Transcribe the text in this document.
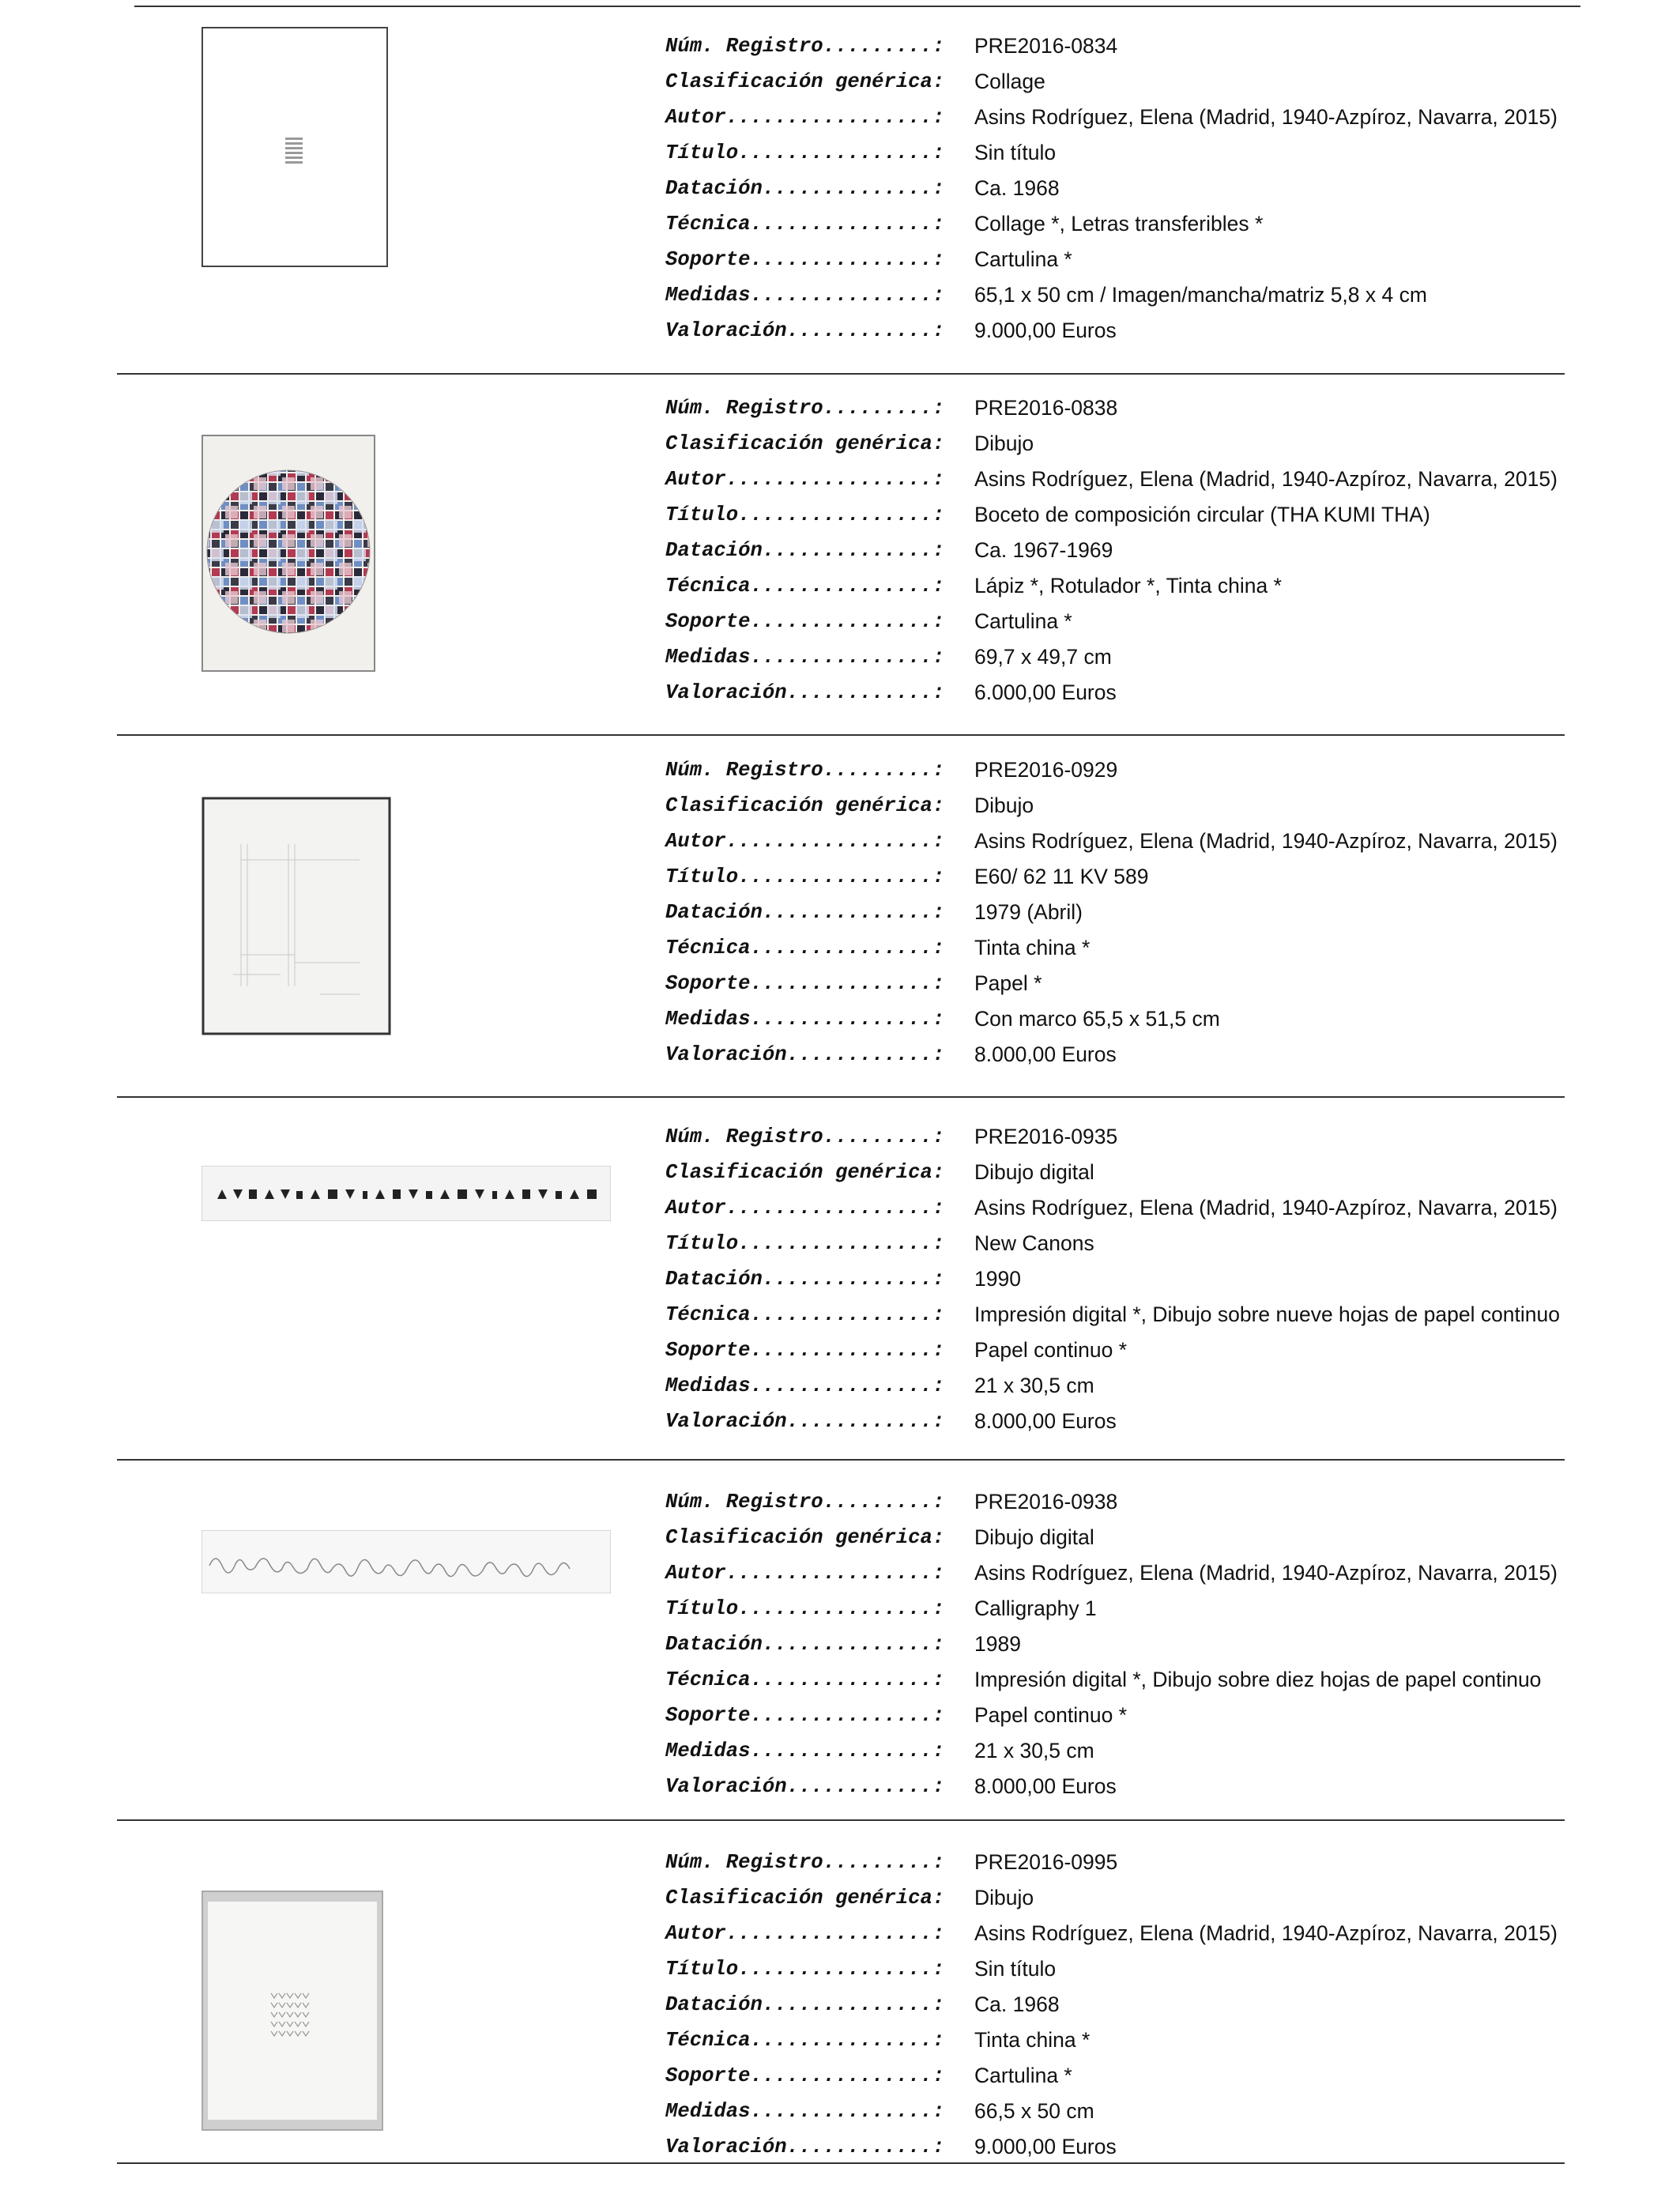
Núm. Registro.........: PRE2016-0834
Clasificación genérica: Collage
Autor.................: Asins Rodríguez, Elena (Madrid, 1940-Azpíroz, Navarra, 2015)
Título................: Sin título
Datación..............: Ca. 1968
Técnica...............: Collage *, Letras transferibles *
Soporte...............: Cartulina *
Medidas...............: 65,1 x 50 cm / Imagen/mancha/matriz 5,8 x 4 cm
Valoración............: 9.000,00 Euros
Núm. Registro.........: PRE2016-0838
Clasificación genérica: Dibujo
Autor.................: Asins Rodríguez, Elena (Madrid, 1940-Azpíroz, Navarra, 2015)
Título................: Boceto de composición circular (THA KUMI THA)
Datación..............: Ca. 1967-1969
Técnica...............: Lápiz *, Rotulador *, Tinta china *
Soporte...............: Cartulina *
Medidas...............: 69,7 x 49,7 cm
Valoración............: 6.000,00 Euros
Núm. Registro.........: PRE2016-0929
Clasificación genérica: Dibujo
Autor.................: Asins Rodríguez, Elena (Madrid, 1940-Azpíroz, Navarra, 2015)
Título................: E60/ 62 11 KV 589
Datación..............: 1979 (Abril)
Técnica...............: Tinta china *
Soporte...............: Papel *
Medidas...............: Con marco 65,5 x 51,5 cm
Valoración............: 8.000,00 Euros
Núm. Registro.........: PRE2016-0935
Clasificación genérica: Dibujo digital
Autor.................: Asins Rodríguez, Elena (Madrid, 1940-Azpíroz, Navarra, 2015)
Título................: New Canons
Datación..............: 1990
Técnica...............: Impresión digital *, Dibujo sobre nueve hojas de papel continuo
Soporte...............: Papel continuo *
Medidas...............: 21 x 30,5 cm
Valoración............: 8.000,00 Euros
Núm. Registro.........: PRE2016-0938
Clasificación genérica: Dibujo digital
Autor.................: Asins Rodríguez, Elena (Madrid, 1940-Azpíroz, Navarra, 2015)
Título................: Calligraphy 1
Datación..............: 1989
Técnica...............: Impresión digital *, Dibujo sobre diez hojas de papel continuo
Soporte...............: Papel continuo *
Medidas...............: 21 x 30,5 cm
Valoración............: 8.000,00 Euros
Núm. Registro.........: PRE2016-0995
Clasificación genérica: Dibujo
Autor.................: Asins Rodríguez, Elena (Madrid, 1940-Azpíroz, Navarra, 2015)
Título................: Sin título
Datación..............: Ca. 1968
Técnica...............: Tinta china *
Soporte...............: Cartulina *
Medidas...............: 66,5 x 50 cm
Valoración............: 9.000,00 Euros
